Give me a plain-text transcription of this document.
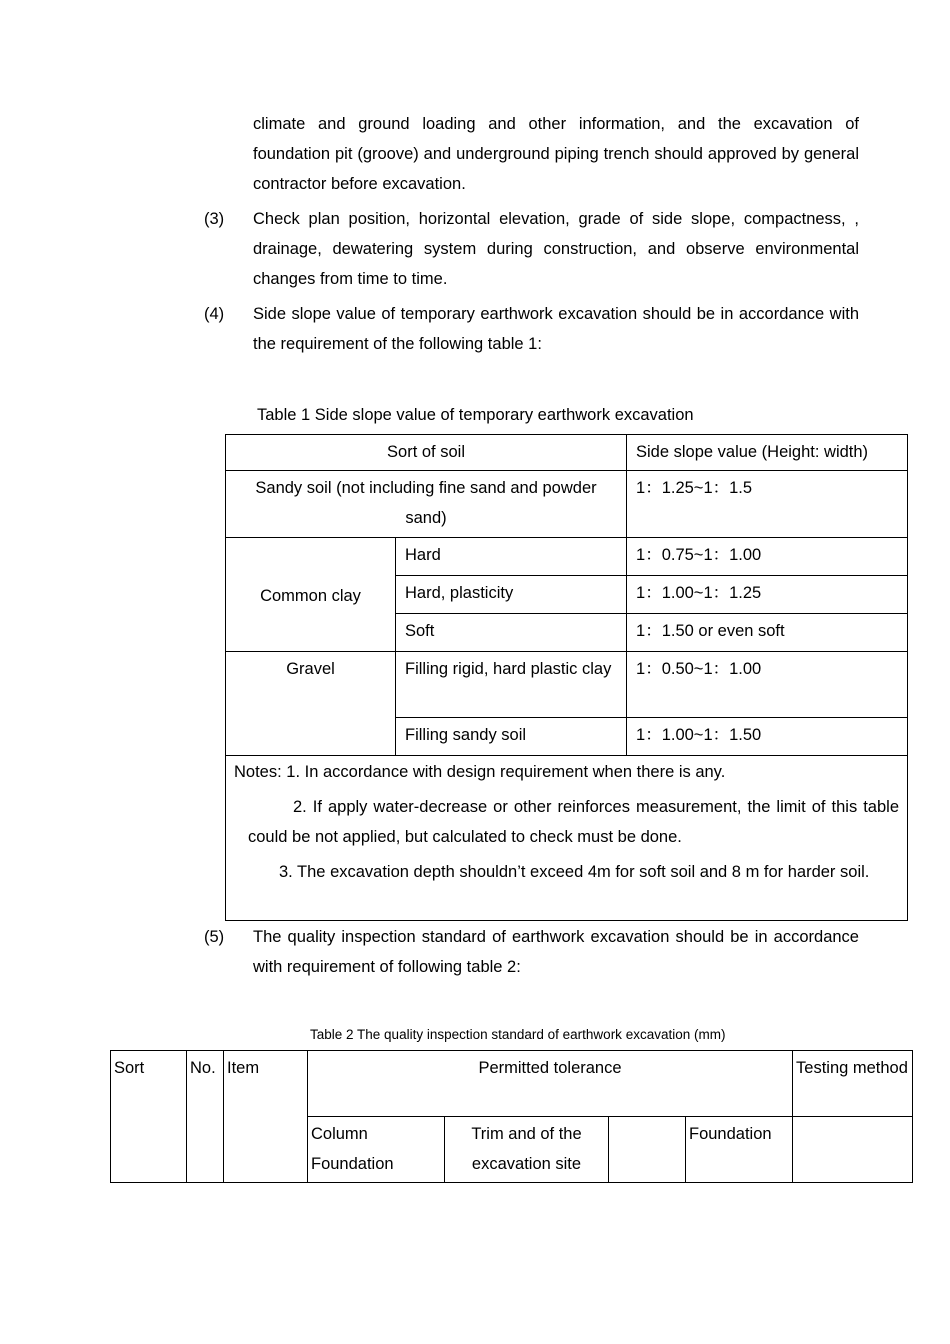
climate and ground loading and other information, and the excavation of foundation pit (groove) and underground piping trench should approved by general contractor before excavation.
(3) Check plan position, horizontal elevation, grade of side slope, compactness, , drainage, dewatering system during construction, and observe environmental changes from time to time.
(4) Side slope value of temporary earthwork excavation should be in accordance with the requirement of the following table 1:
Table 1 Side slope value of temporary earthwork excavation
Sort of soil		Side slope value (Height: width)
Sandy soil (not including fine sand and powder sand)		1：1.25~1：1.5
Common clay	Hard	1：0.75~1：1.00
	Hard, plasticity	1：1.00~1：1.25
	Soft	1：1.50 or even soft
Gravel	Filling rigid, hard plastic clay	1：0.50~1：1.00
	Filling sandy soil	1：1.00~1：1.50

Notes: 1. In accordance with design requirement when there is any.

2. If apply water-decrease or other reinforces measurement, the limit of this table could be not applied, but calculated to check must be done.

3. The excavation depth shouldn’t exceed 4m for soft soil and 8 m for harder soil.		

(5) The quality inspection standard of earthwork excavation should be in accordance with requirement of following table 2:
Table 2 The quality inspection standard of earthwork excavation (mm)
Sort	No.	Item	Permitted tolerance				Testing method
			Column Foundation	Trim and of the excavation site		Foundation	
